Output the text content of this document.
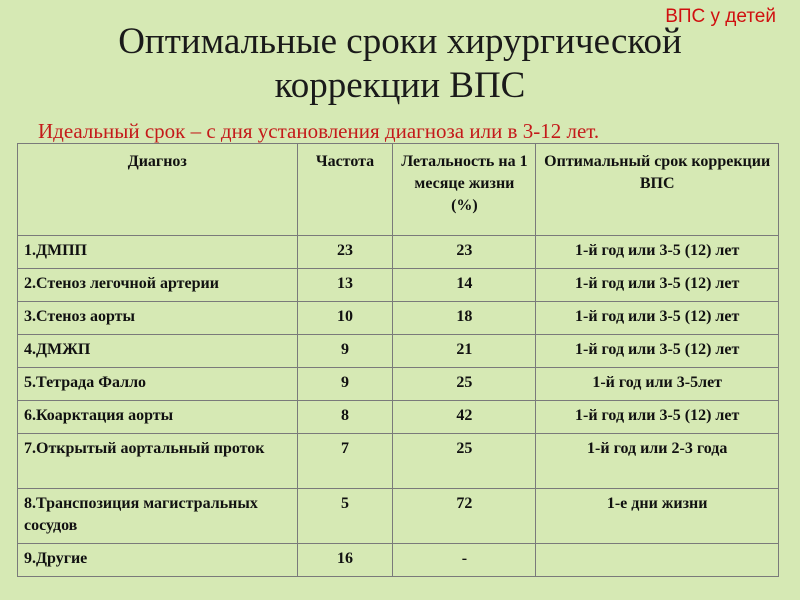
ВПС у детей
Оптимальные сроки хирургической
коррекции ВПС
Идеальный срок – с дня установления диагноза или в 3-12 лет.
Диагноз	Частота	Летальность на 1 месяце жизни (%)	Оптимальный срок коррекции ВПС
1.ДМПП	23	23	1-й год или 3-5 (12) лет
2.Стеноз легочной артерии	13	14	1-й год или 3-5 (12) лет
3.Стеноз аорты	10	18	1-й год или 3-5 (12) лет
4.ДМЖП	9	21	1-й год или 3-5 (12) лет
5.Тетрада Фалло	9	25	1-й год или 3-5лет
6.Коарктация аорты	8	42	1-й год или 3-5 (12) лет
7.Открытый аортальный проток	7	25	1-й год или 2-3 года
8.Транспозиция магистральных сосудов	5	72	1-е дни жизни
9.Другие	16	-	
